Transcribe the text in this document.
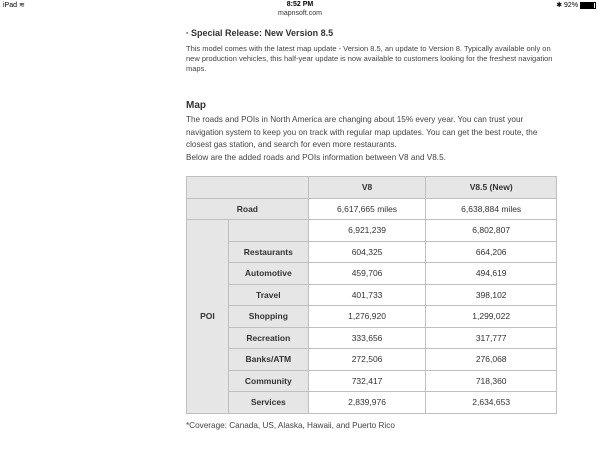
iPad ≋	8:52 PM	✱ 92%
mapnsoft.com
∙ Special Release: New Version 8.5
This model comes with the latest map update - Version 8.5, an update to Version 8. Typically available only on new production vehicles, this half-year update is now available to customers looking for the freshest navigation maps.
Map
The roads and POIs in North America are changing about 15% every year. You can trust your navigation system to keep you on track with regular map updates. You can get the best route, the closest gas station, and search for even more restaurants.
Below are the added roads and POIs information between V8 and V8.5.
		V8	V8.5 (New)
Road		6,617,665 miles	6,638,884 miles
POI		6,921,239	6,802,807
	Restaurants	604,325	664,206
	Automotive	459,706	494,619
	Travel	401,733	398,102
	Shopping	1,276,920	1,299,022
	Recreation	333,656	317,777
	Banks/ATM	272,506	276,068
	Community	732,417	718,360
	Services	2,839,976	2,634,653
*Coverage: Canada, US, Alaska, Hawaii, and Puerto Rico
